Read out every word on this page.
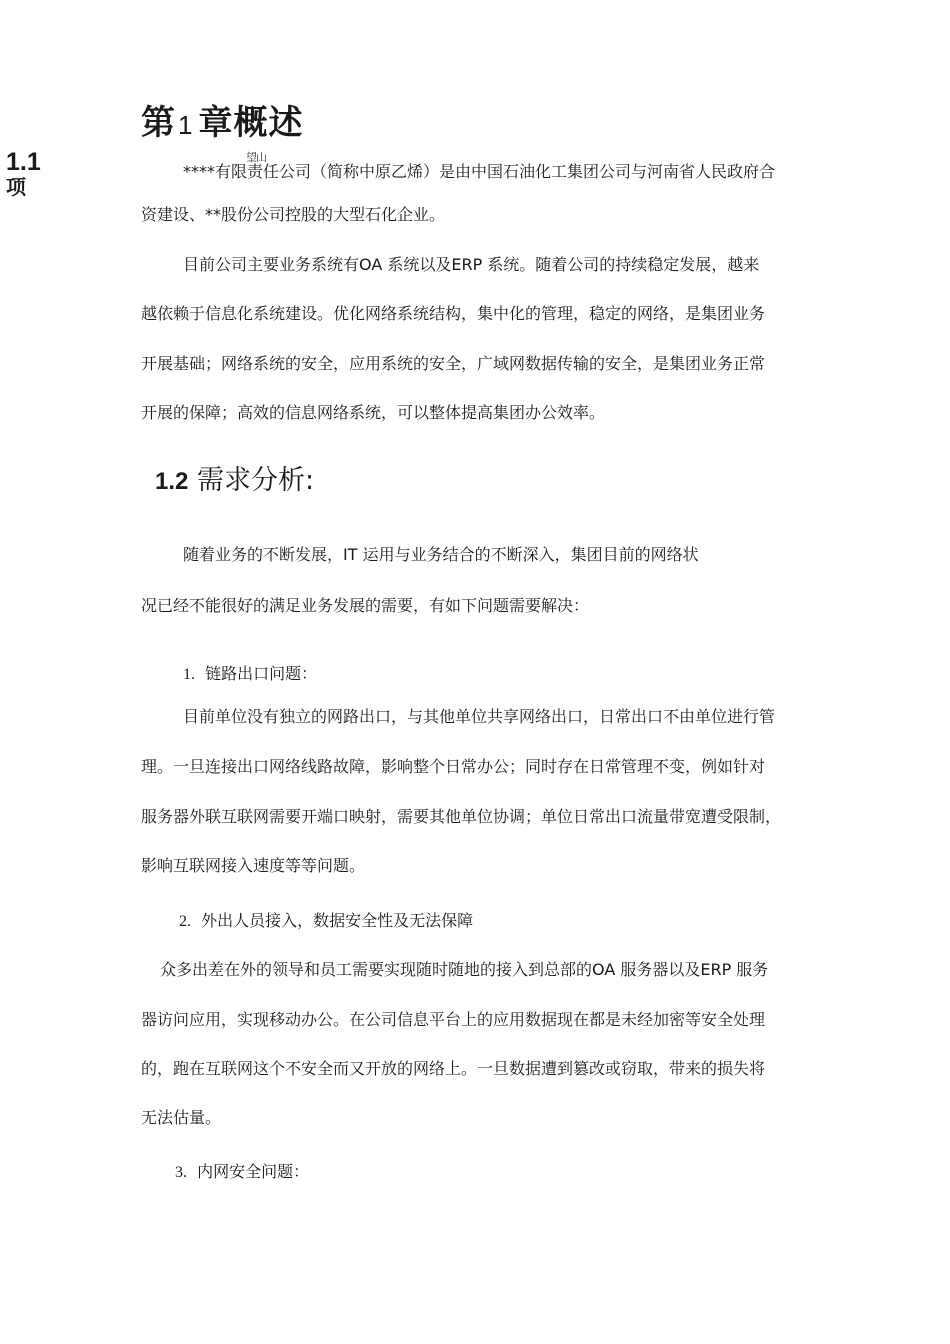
第1 章概述
1.1
项
望山
****有限责任公司（简称中原乙烯）是由中国石油化工集团公司与河南省人民政府合
资建设、**股份公司控股的大型石化企业。
目前公司主要业务系统有OA 系统以及ERP 系统。随着公司的持续稳定发展，越来
越依赖于信息化系统建设。优化网络系统结构，集中化的管理，稳定的网络，是集团业务
开展基础；网络系统的安全，应用系统的安全，广域网数据传输的安全，是集团业务正常
开展的保障；高效的信息网络系统，可以整体提高集团办公效率。
1.2 需求分析:
随着业务的不断发展，IT 运用与业务结合的不断深入，集团目前的网络状
况已经不能很好的满足业务发展的需要，有如下问题需要解决：
1. 链路出口问题：
目前单位没有独立的网路出口，与其他单位共享网络出口，日常出口不由单位进行管
理。一旦连接出口网络线路故障，影响整个日常办公；同时存在日常管理不变，例如针对
服务器外联互联网需要开端口映射，需要其他单位协调；单位日常出口流量带宽遭受限制，
影响互联网接入速度等等问题。
2. 外出人员接入，数据安全性及无法保障
众多出差在外的领导和员工需要实现随时随地的接入到总部的OA 服务器以及ERP 服务
器访问应用，实现移动办公。在公司信息平台上的应用数据现在都是未经加密等安全处理
的，跑在互联网这个不安全而又开放的网络上。一旦数据遭到篡改或窃取，带来的损失将
无法估量。
3. 内网安全问题：
